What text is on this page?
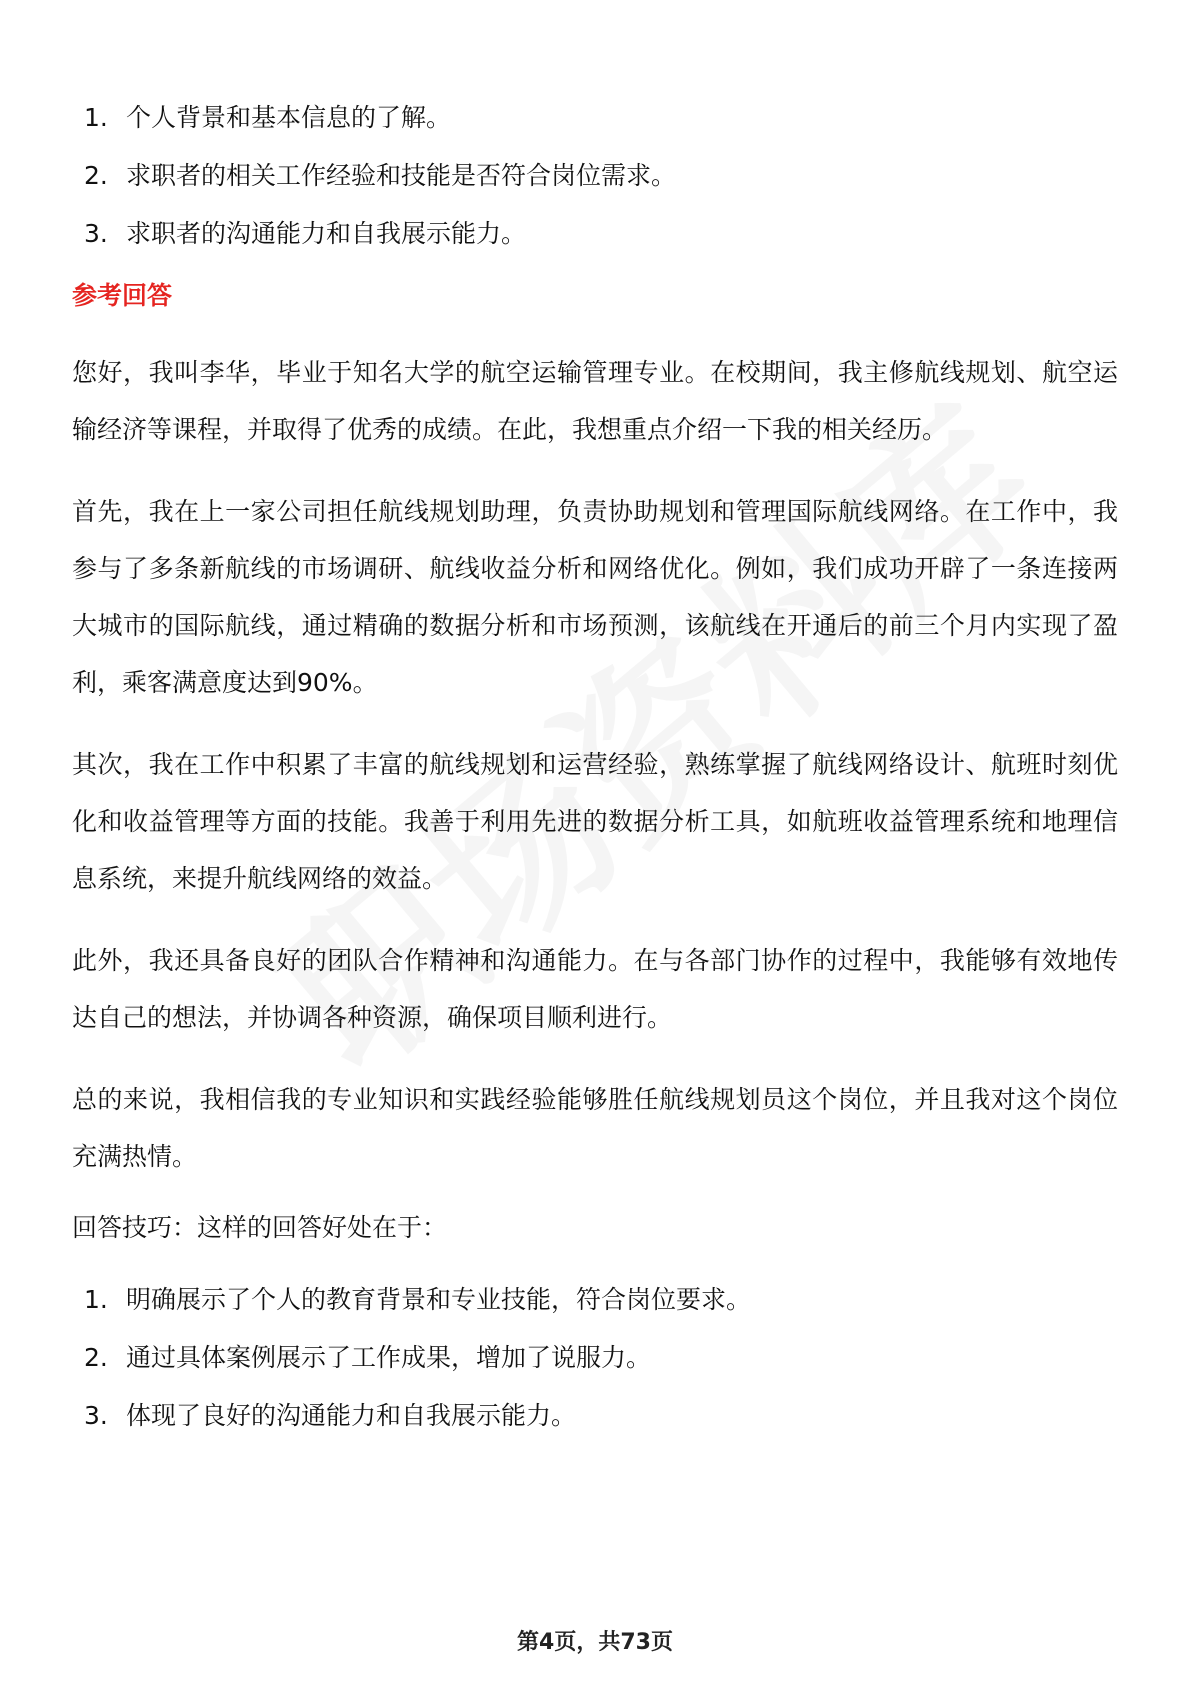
1. 个人背景和基本信息的了解。
2. 求职者的相关工作经验和技能是否符合岗位需求。
3. 求职者的沟通能力和自我展示能力。
参考回答

您好，我叫李华，毕业于知名大学的航空运输管理专业。在校期间，我主修航线规划、航空运输经济等课程，并取得了优秀的成绩。在此，我想重点介绍一下我的相关经历。

首先，我在上一家公司担任航线规划助理，负责协助规划和管理国际航线网络。在工作中，我参与了多条新航线的市场调研、航线收益分析和网络优化。例如，我们成功开辟了一条连接两大城市的国际航线，通过精确的数据分析和市场预测，该航线在开通后的前三个月内实现了盈利，乘客满意度达到90%。

其次，我在工作中积累了丰富的航线规划和运营经验，熟练掌握了航线网络设计、航班时刻优化和收益管理等方面的技能。我善于利用先进的数据分析工具，如航班收益管理系统和地理信息系统，来提升航线网络的效益。

此外，我还具备良好的团队合作精神和沟通能力。在与各部门协作的过程中，我能够有效地传达自己的想法，并协调各种资源，确保项目顺利进行。

总的来说，我相信我的专业知识和实践经验能够胜任航线规划员这个岗位，并且我对这个岗位充满热情。

回答技巧：这样的回答好处在于：
1. 明确展示了个人的教育背景和专业技能，符合岗位要求。
2. 通过具体案例展示了工作成果，增加了说服力。
3. 体现了良好的沟通能力和自我展示能力。
第4页，共73页
